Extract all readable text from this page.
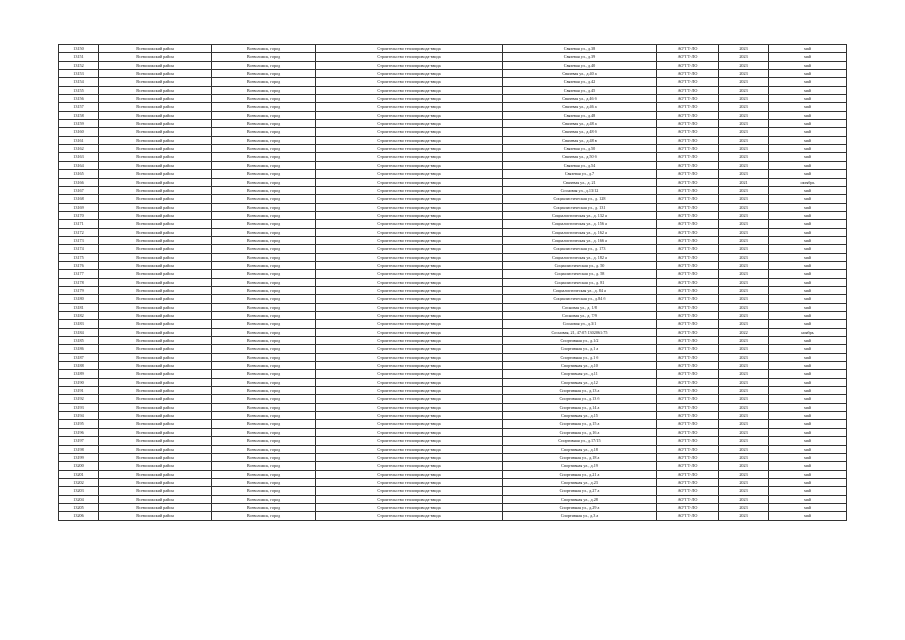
13150	Всеволожский район	Всеволожск, город	Строительство теплопровода-ввода	Связевая ул., д.38	АО"ГТ-ЛО	2023	май
13151	Всеволожский район	Всеволожск, город	Строительство теплопровода-ввода	Связевая ул., д.39	АО"ГТ-ЛО	2023	май
13152	Всеволожский район	Всеволожск, город	Строительство теплопровода-ввода	Связевая ул., д.40	АО"ГТ-ЛО	2023	май
13153	Всеволожский район	Всеволожск, город	Строительство теплопровода-ввода	Связевая ул., д.40 а	АО"ГТ-ЛО	2023	май
13154	Всеволожский район	Всеволожск, город	Строительство теплопровода-ввода	Связевая ул., д.42	АО"ГТ-ЛО	2023	май
13155	Всеволожский район	Всеволожск, город	Строительство теплопровода-ввода	Связевая ул., д.45	АО"ГТ-ЛО	2023	май
13156	Всеволожский район	Всеволожск, город	Строительство теплопровода-ввода	Связевая ул., д.46 б	АО"ГТ-ЛО	2023	май
13157	Всеволожский район	Всеволожск, город	Строительство теплопровода-ввода	Связевая ул., д.46 а	АО"ГТ-ЛО	2023	май
13158	Всеволожский район	Всеволожск, город	Строительство теплопровода-ввода	Связевая ул., д.48	АО"ГТ-ЛО	2023	май
13159	Всеволожский район	Всеволожск, город	Строительство теплопровода-ввода	Связевая ул., д.48 а	АО"ГТ-ЛО	2023	май
13160	Всеволожский район	Всеволожск, город	Строительство теплопровода-ввода	Связевая ул., д.48 б	АО"ГТ-ЛО	2023	май
13161	Всеволожский район	Всеволожск, город	Строительство теплопровода-ввода	Связевая ул., д.48 в	АО"ГТ-ЛО	2023	май
13162	Всеволожский район	Всеволожск, город	Строительство теплопровода-ввода	Связевая ул., д.50	АО"ГТ-ЛО	2023	май
13163	Всеволожский район	Всеволожск, город	Строительство теплопровода-ввода	Связевая ул., д.50 б	АО"ГТ-ЛО	2023	май
13164	Всеволожский район	Всеволожск, город	Строительство теплопровода-ввода	Связевая ул., д.54	АО"ГТ-ЛО	2023	май
13165	Всеволожский район	Всеволожск, город	Строительство теплопровода-ввода	Связевая ул., д.7	АО"ГТ-ЛО	2023	май
13166	Всеволожский район	Всеволожск, город	Строительство теплопровода-ввода	Связевая ул., д. 21	АО"ГТ-ЛО	2021	октябрь
13167	Всеволожский район	Всеволожск, город	Строительство теплопровода-ввода	Сосновая ул., д.13/12	АО"ГТ-ЛО	2023	май
13168	Всеволожский район	Всеволожск, город	Строительство теплопровода-ввода	Социалистическая ул., д. 128	АО"ГТ-ЛО	2023	май
13169	Всеволожский район	Всеволожск, город	Строительство теплопровода-ввода	Социалистическая ул., д. 131	АО"ГТ-ЛО	2023	май
13170	Всеволожский район	Всеволожск, город	Строительство теплопровода-ввода	Социалистическая ул., д. 132 а	АО"ГТ-ЛО	2023	май
13171	Всеволожский район	Всеволожск, город	Строительство теплопровода-ввода	Социалистическая ул., д. 156 а	АО"ГТ-ЛО	2023	май
13172	Всеволожский район	Всеволожск, город	Строительство теплопровода-ввода	Социалистическая ул., д. 162 а	АО"ГТ-ЛО	2023	май
13173	Всеволожский район	Всеволожск, город	Строительство теплопровода-ввода	Социалистическая ул., д. 166 а	АО"ГТ-ЛО	2023	май
13174	Всеволожский район	Всеволожск, город	Строительство теплопровода-ввода	Социалистическая ул., д. 173	АО"ГТ-ЛО	2023	май
13175	Всеволожский район	Всеволожск, город	Строительство теплопровода-ввода	Социалистическая ул., д. 182 а	АО"ГТ-ЛО	2023	май
13176	Всеволожский район	Всеволожск, город	Строительство теплопровода-ввода	Социалистическая ул., д. 50	АО"ГТ-ЛО	2023	май
13177	Всеволожский район	Всеволожск, город	Строительство теплопровода-ввода	Социалистическая ул., д. 58	АО"ГТ-ЛО	2023	май
13178	Всеволожский район	Всеволожск, город	Строительство теплопровода-ввода	Социалистическая ул., д. 81	АО"ГТ-ЛО	2023	май
13179	Всеволожский район	Всеволожск, город	Строительство теплопровода-ввода	Социалистическая ул., д. 84 а	АО"ГТ-ЛО	2023	май
13180	Всеволожский район	Всеволожск, город	Строительство теплопровода-ввода	Социалистическая ул., д.84 б	АО"ГТ-ЛО	2023	май
13181	Всеволожский район	Всеволожск, город	Строительство теплопровода-ввода	Сосновая ул., д. 1/8	АО"ГТ-ЛО	2023	май
13182	Всеволожский район	Всеволожск, город	Строительство теплопровода-ввода	Сосновая ул., д. 7/9	АО"ГТ-ЛО	2023	май
13183	Всеволожский район	Всеволожск, город	Строительство теплопровода-ввода	Сосновая ул., д.3/1	АО"ГТ-ЛО	2023	май
13184	Всеволожский район	Всеволожск, город	Строительство теплопровода-ввода	Сосновая, 21, 47:07:1302061:75	АО"ГТ-ЛО	2022	ноябрь
13185	Всеволожский район	Всеволожск, город	Строительство теплопровода-ввода	Спортивная ул., д.1/2	АО"ГТ-ЛО	2023	май
13186	Всеволожский район	Всеволожск, город	Строительство теплопровода-ввода	Спортивная ул., д.1 а	АО"ГТ-ЛО	2023	май
13187	Всеволожский район	Всеволожск, город	Строительство теплопровода-ввода	Спортивная ул., д.1 б	АО"ГТ-ЛО	2023	май
13188	Всеволожский район	Всеволожск, город	Строительство теплопровода-ввода	Спортивная ул., д.10	АО"ГТ-ЛО	2023	май
13189	Всеволожский район	Всеволожск, город	Строительство теплопровода-ввода	Спортивная ул., д.11	АО"ГТ-ЛО	2023	май
13190	Всеволожский район	Всеволожск, город	Строительство теплопровода-ввода	Спортивная ул., д.12	АО"ГТ-ЛО	2023	май
13191	Всеволожский район	Всеволожск, город	Строительство теплопровода-ввода	Спортивная ул., д.13 а	АО"ГТ-ЛО	2023	май
13192	Всеволожский район	Всеволожск, город	Строительство теплопровода-ввода	Спортивная ул., д.13 б	АО"ГТ-ЛО	2023	май
13193	Всеволожский район	Всеволожск, город	Строительство теплопровода-ввода	Спортивная ул., д.14 а	АО"ГТ-ЛО	2023	май
13194	Всеволожский район	Всеволожск, город	Строительство теплопровода-ввода	Спортивная ул., д.15	АО"ГТ-ЛО	2023	май
13195	Всеволожский район	Всеволожск, город	Строительство теплопровода-ввода	Спортивная ул., д.15 а	АО"ГТ-ЛО	2023	май
13196	Всеволожский район	Всеволожск, город	Строительство теплопровода-ввода	Спортивная ул., д.16 а	АО"ГТ-ЛО	2023	май
13197	Всеволожский район	Всеволожск, город	Строительство теплопровода-ввода	Спортивная ул., д.17/15	АО"ГТ-ЛО	2023	май
13198	Всеволожский район	Всеволожск, город	Строительство теплопровода-ввода	Спортивная ул., д.18	АО"ГТ-ЛО	2023	май
13199	Всеволожский район	Всеволожск, город	Строительство теплопровода-ввода	Спортивная ул., д.18 а	АО"ГТ-ЛО	2023	май
13200	Всеволожский район	Всеволожск, город	Строительство теплопровода-ввода	Спортивная ул., д.19	АО"ГТ-ЛО	2023	май
13201	Всеволожский район	Всеволожск, город	Строительство теплопровода-ввода	Спортивная ул., д.21 а	АО"ГТ-ЛО	2023	май
13202	Всеволожский район	Всеволожск, город	Строительство теплопровода-ввода	Спортивная ул., д.23	АО"ГТ-ЛО	2023	май
13203	Всеволожский район	Всеволожск, город	Строительство теплопровода-ввода	Спортивная ул., д.27 а	АО"ГТ-ЛО	2023	май
13204	Всеволожский район	Всеволожск, город	Строительство теплопровода-ввода	Спортивная ул., д.28	АО"ГТ-ЛО	2023	май
13205	Всеволожский район	Всеволожск, город	Строительство теплопровода-ввода	Спортивная ул., д.29 а	АО"ГТ-ЛО	2023	май
13206	Всеволожский район	Всеволожск, город	Строительство теплопровода-ввода	Спортивная ул., д.3 а	АО"ГТ-ЛО	2023	май
